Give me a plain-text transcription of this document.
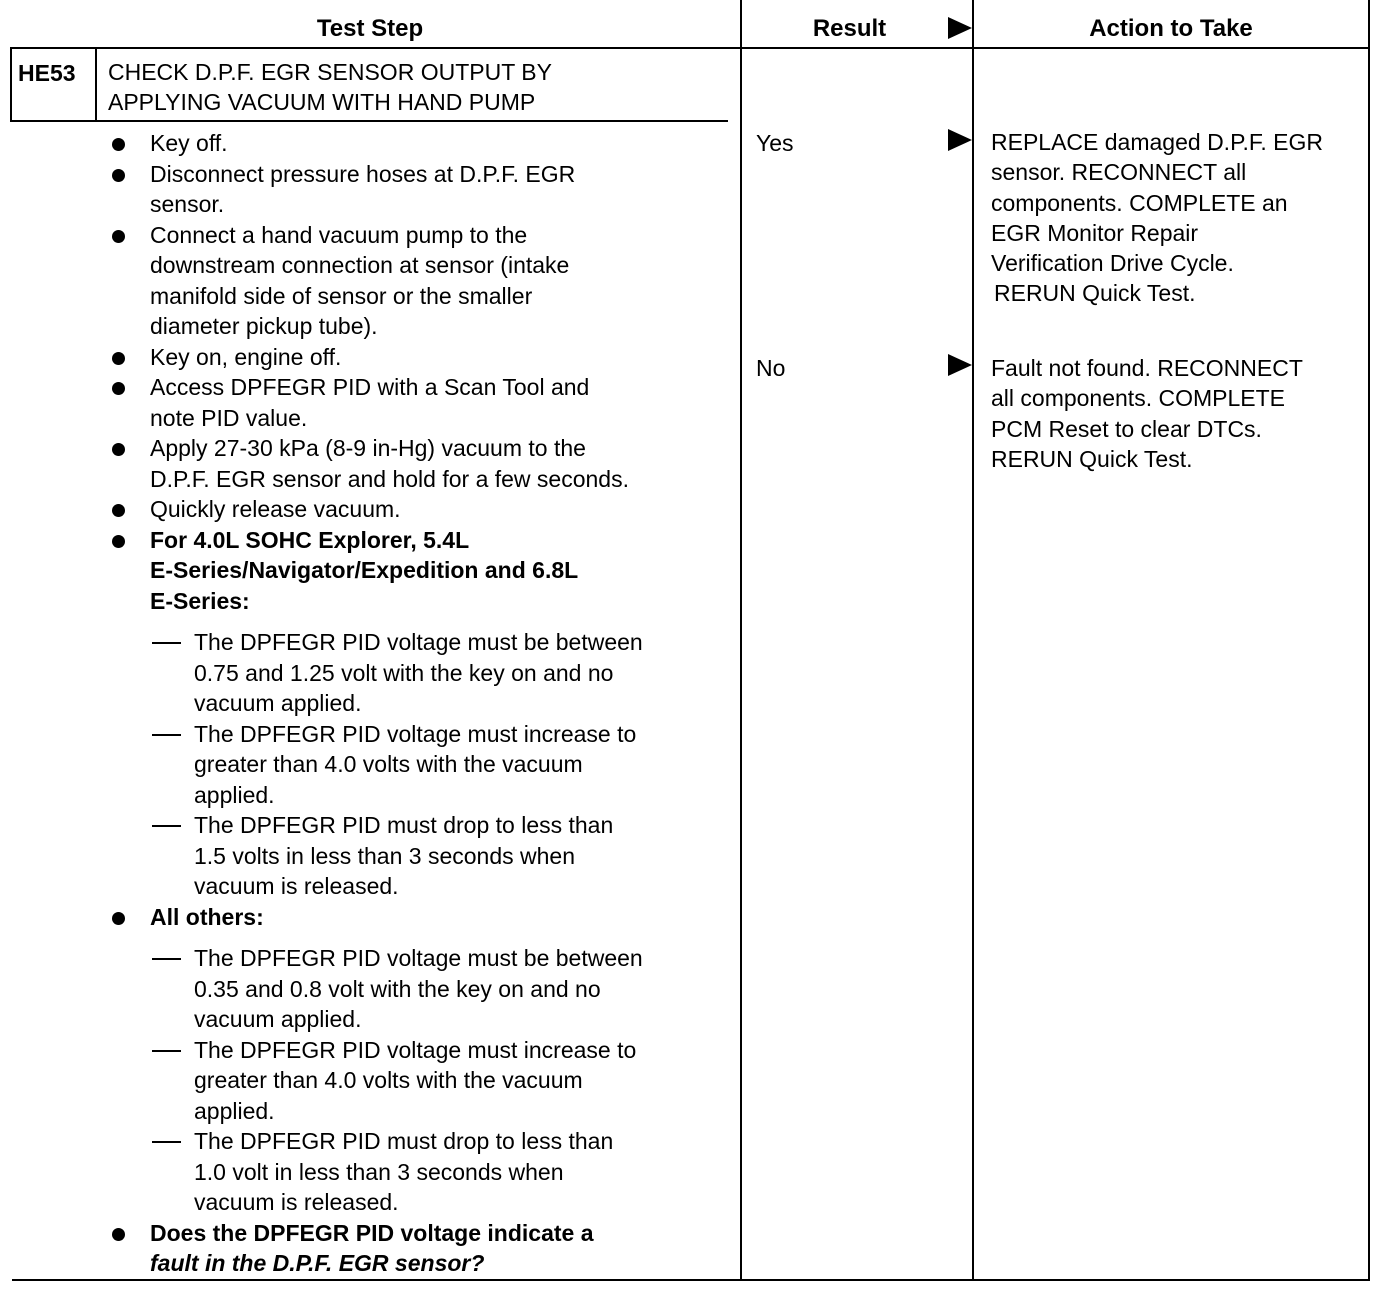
Test Step	Result	Action to Take
HE53 CHECK D.P.F. EGR SENSOR OUTPUT BY
APPLYING VACUUM WITH HAND PUMP
Key off.
Disconnect pressure hoses at D.P.F. EGR
sensor.
Connect a hand vacuum pump to the
downstream connection at sensor (intake
manifold side of sensor or the smaller
diameter pickup tube).
Key on, engine off.
Access DPFEGR PID with a Scan Tool and
note PID value.
Apply 27-30 kPa (8-9 in-Hg) vacuum to the
D.P.F. EGR sensor and hold for a few seconds.
Quickly release vacuum.
For 4.0L SOHC Explorer, 5.4L
E-Series/Navigator/Expedition and 6.8L
E-Series:
The DPFEGR PID voltage must be between
0.75 and 1.25 volt with the key on and no
vacuum applied.
The DPFEGR PID voltage must increase to
greater than 4.0 volts with the vacuum
applied.
The DPFEGR PID must drop to less than
1.5 volts in less than 3 seconds when
vacuum is released.
All others:
The DPFEGR PID voltage must be between
0.35 and 0.8 volt with the key on and no
vacuum applied.
The DPFEGR PID voltage must increase to
greater than 4.0 volts with the vacuum
applied.
The DPFEGR PID must drop to less than
1.0 volt in less than 3 seconds when
vacuum is released.
Does the DPFEGR PID voltage indicate a
fault in the D.P.F. EGR sensor?
Yes
No
REPLACE damaged D.P.F. EGR
sensor. RECONNECT all
components. COMPLETE an
EGR Monitor Repair
Verification Drive Cycle.
RERUN Quick Test.
Fault not found. RECONNECT
all components. COMPLETE
PCM Reset to clear DTCs.
RERUN Quick Test.
